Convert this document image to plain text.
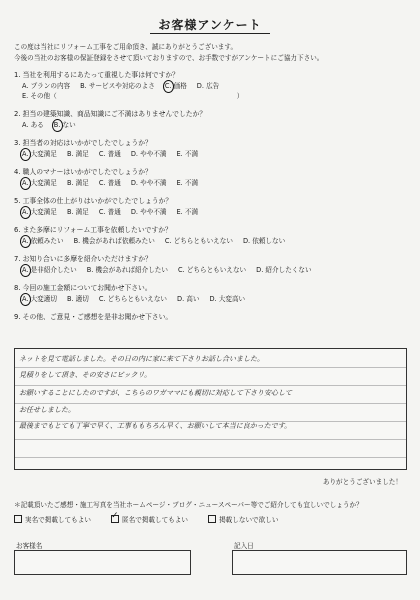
お客様アンケート
この度は当社にリフォーム工事をご用命頂き、誠にありがとうございます。
今後の当社のお客様の保証登録をさせて頂いておりますので、お手数ですがアンケートにご協力下さい。
1. 当社を利用するにあたって重視した事は何ですか？
A. プランの内容 B. サービスや対応のよさ C. 価格 D. 広告
E. その他（	）
2. 担当の建築知識、商品知識にご不満はありませんでしたか？
A. ある B. ない
3. 担当者の対応はいかがでしたでしょうか？
A. 大変満足 B. 満足 C. 普通 D. やや不満 E. 不満
4. 職人のマナーはいかがでしたでしょうか？
A. 大変満足 B. 満足 C. 普通 D. やや不満 E. 不満
5. 工事全体の仕上がりはいかがでしたでしょうか？
A. 大変満足 B. 満足 C. 普通 D. やや不満 E. 不満
6. また多摩にリフォーム工事を依頼したいですか？
A. 依頼みたい B. 機会があれば依頼みたい C. どちらともいえない D. 依頼しない
7. お知り合いに多摩を紹介いただけますか？
A. 是非紹介したい B. 機会があれば紹介したい C. どちらともいえない D. 紹介したくない
8. 今回の施工金額についてお聞かせ下さい。
A. 大変適切 B. 適切 C. どちらともいえない D. 高い D. 大変高い
9. その他、ご意見・ご感想を是非お聞かせ下さい。
ネットを見て電話しました。その日の内に家に来て下さりお話し合いました。
見積りをして頂き、その安さにビックリ。
お願いすることにしたのですが、こちらのワガママにも親切に対応して下さり安心して
お任せしました。
最後までもとても丁寧で早く、工事ももちろん早く、お願いして本当に良かったです。
ありがとうございました！
＊記載頂いたご感想・施工写真を当社ホームページ・ブログ・ニュースペーパー等でご紹介しても宜しいでしょうか？
実名で掲載してもよい ✓	匿名で掲載してもよい	掲載しないで欲しい
お客様名	記入日
